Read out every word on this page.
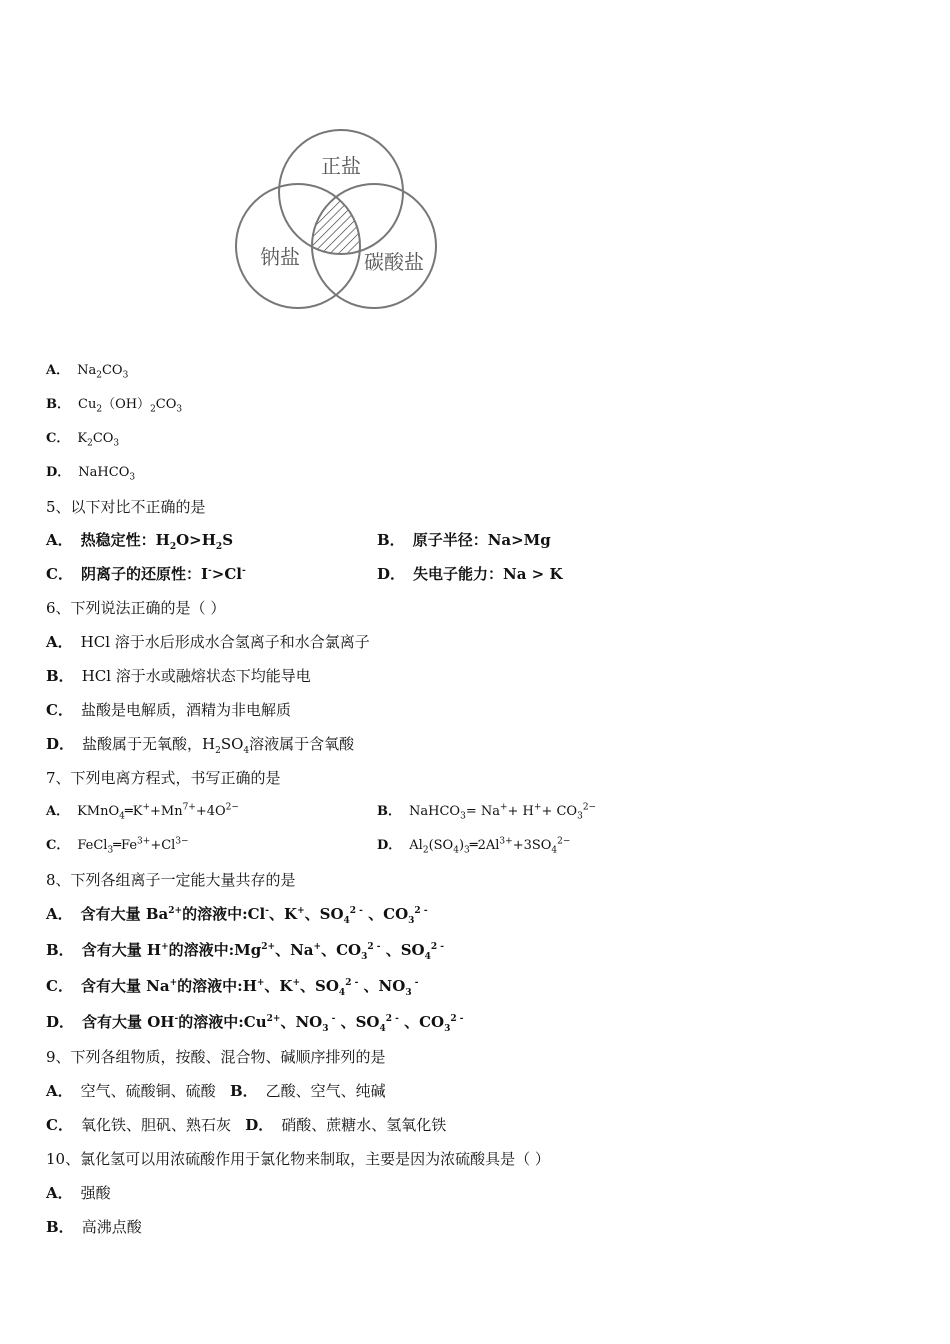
正盐
钠盐	碳酸盐
A． $Na_2CO_3$
B． $Cu_2(OH)_2CO_3$
C． $K_2CO_3$
D． NaHCO$_3$
5、以下对比不正确的是
A． 热稳定性：$H_2O>H_2S$	B． 原子半径：Na>Mg
C． 阴离子的还原性：I->Cl-	D． 失电子能力：Na > K
6、下列说法正确的是（ ）
A． HCl 溶于水后形成水合氢离子和水合氯离子
B． HCl 溶于水或融熔状态下均能导电
C． 盐酸是电解质，酒精为非电解质
D． 盐酸属于无氧酸，$H_2SO_4$溶液属于含氧酸
7、下列电离方程式，书写正确的是
A． $KMnO_4═K^++Mn^{7+}+4O^{2-}$	B． NaHCO$_3$= $Na^++ H^++ CO_3^{2-}$
C． $FeCl_3═Fe^{3+}+Cl^{3-}$	D． $Al_2(SO_4)_3═2Al^{3+}+3SO_4^{2-}$
8、下列各组离子一定能大量共存的是
A． 含有大量 $Ba^{2+}$的溶液中:Cl-、K+、$SO_4^{2 -}$ 、$CO_3^{2 -}$
B． 含有大量 H+的溶液中$:Mg^{2+}$、Na+、$CO_3^{2 -}$ 、$SO_4^{2 -}$
C． 含有大量 Na+的溶液中:H+、K+、$SO_4^{2 -}$ 、$NO_3$ -
D． 含有大量 OH-的溶液中$:Cu^{2+}$、$NO_3$ - 、$SO_4^{2 -}$ 、$CO_3^{2 -}$
9、下列各组物质，按酸、混合物、碱顺序排列的是
A． 空气、硫酸铜、硫酸 B． 乙酸、空气、纯碱
C． 氧化铁、胆矾、熟石灰 D． 硝酸、蔗糖水、氢氧化铁
10、氯化氢可以用浓硫酸作用于氯化物来制取，主要是因为浓硫酸具是（ ）
A． 强酸
B． 高沸点酸
